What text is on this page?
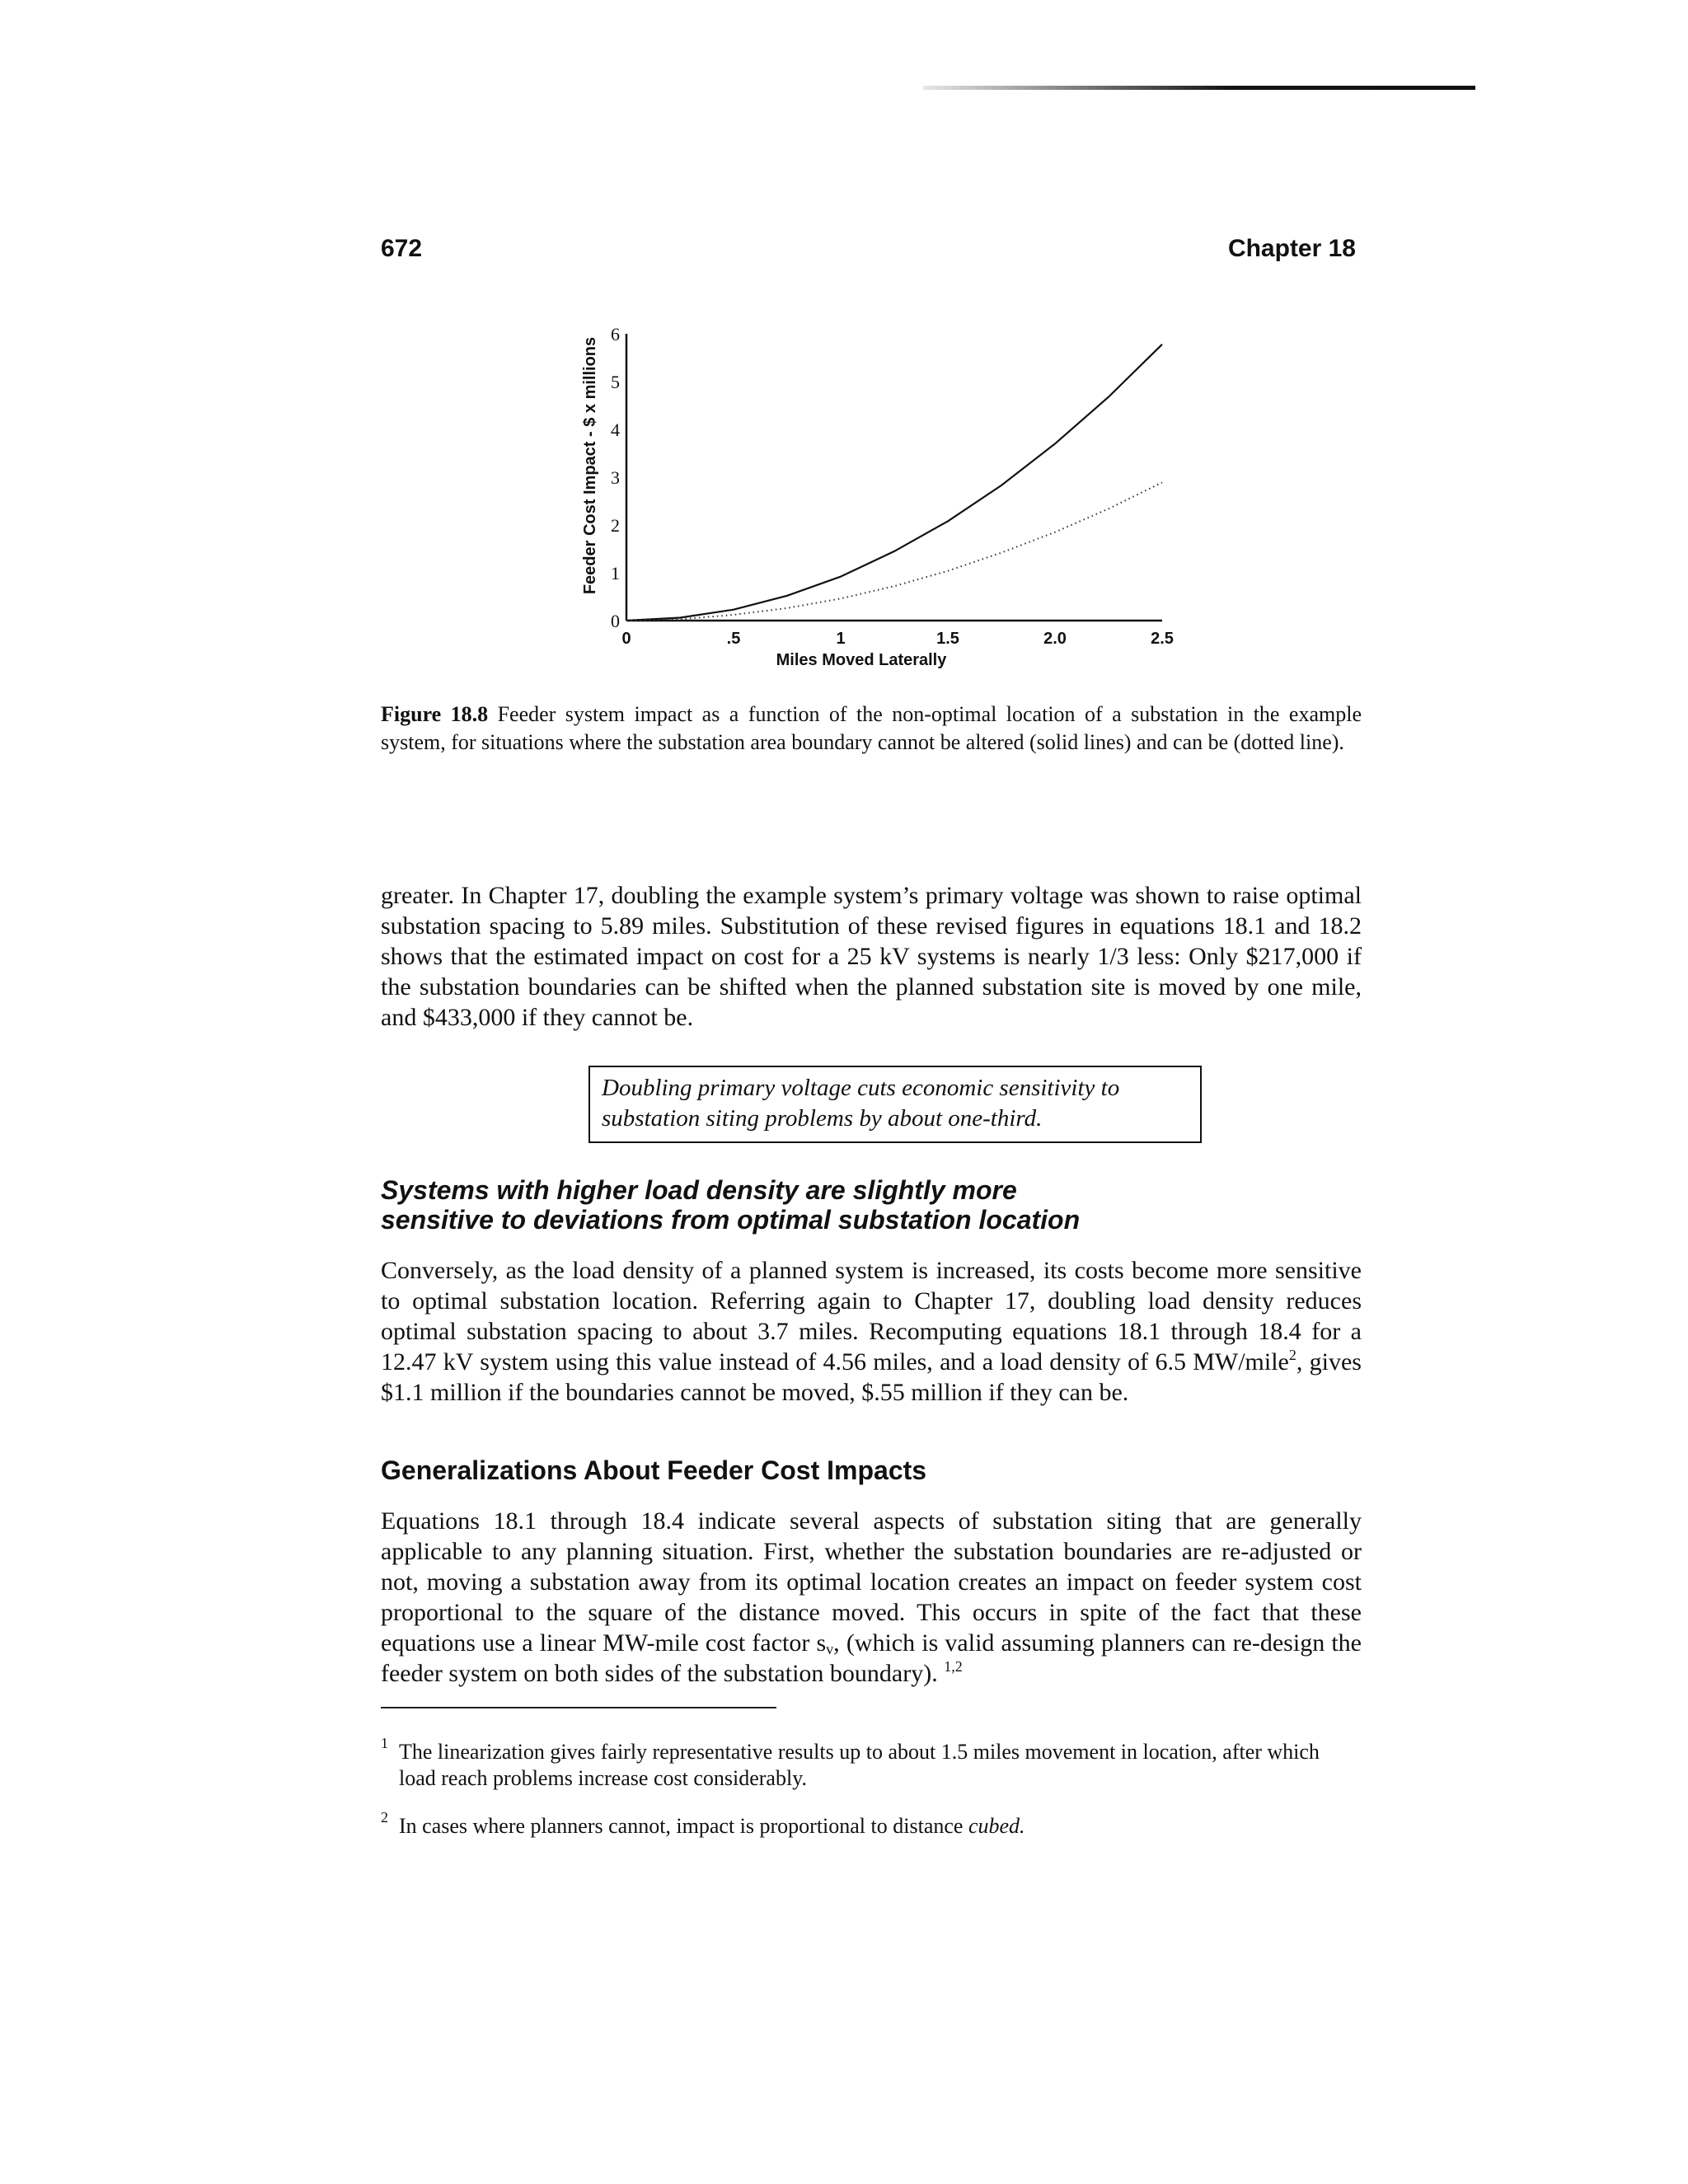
672	Chapter 18
Feeder Cost Impact - $ x millions
0
1
2
3
4
5
6
0	.5	1	1.5	2.0	2.5
Miles Moved Laterally
Figure 18.8 Feeder system impact as a function of the non-optimal location of a substation in the example system, for situations where the substation area boundary cannot be altered (solid lines) and can be (dotted line).

greater. In Chapter 17, doubling the example system’s primary voltage was shown to raise optimal substation spacing to 5.89 miles. Substitution of these revised figures in equations 18.1 and 18.2 shows that the estimated impact on cost for a 25 kV systems is nearly 1/3 less: Only $217,000 if the substation boundaries can be shifted when the planned substation site is moved by one mile, and $433,000 if they cannot be.

Doubling primary voltage cuts economic sensitivity to substation siting problems by about one-third.
Systems with higher load density are slightly more
sensitive to deviations from optimal substation location

Conversely, as the load density of a planned system is increased, its costs become more sensitive to optimal substation location. Referring again to Chapter 17, doubling load density reduces optimal substation spacing to about 3.7 miles. Recomputing equations 18.1 through 18.4 for a 12.47 kV system using this value instead of 4.56 miles, and a load density of 6.5 MW/mile$^2$, gives $1.1 million if the boundaries cannot be moved, $.55 million if they can be.

Generalizations About Feeder Cost Impacts

Equations 18.1 through 18.4 indicate several aspects of substation siting that are generally applicable to any planning situation. First, whether the substation boundaries are re-adjusted or not, moving a substation away from its optimal location creates an impact on feeder system cost proportional to the square of the distance moved. This occurs in spite of the fact that these equations use a linear MW-mile cost factor $s_v$, (which is valid assuming planners can re-design the feeder system on both sides of the substation boundary). $^{1,2}$

1 The linearization gives fairly representative results up to about 1.5 miles movement in location, after which load reach problems increase cost considerably.
2 In cases where planners cannot, impact is proportional to distance cubed.
